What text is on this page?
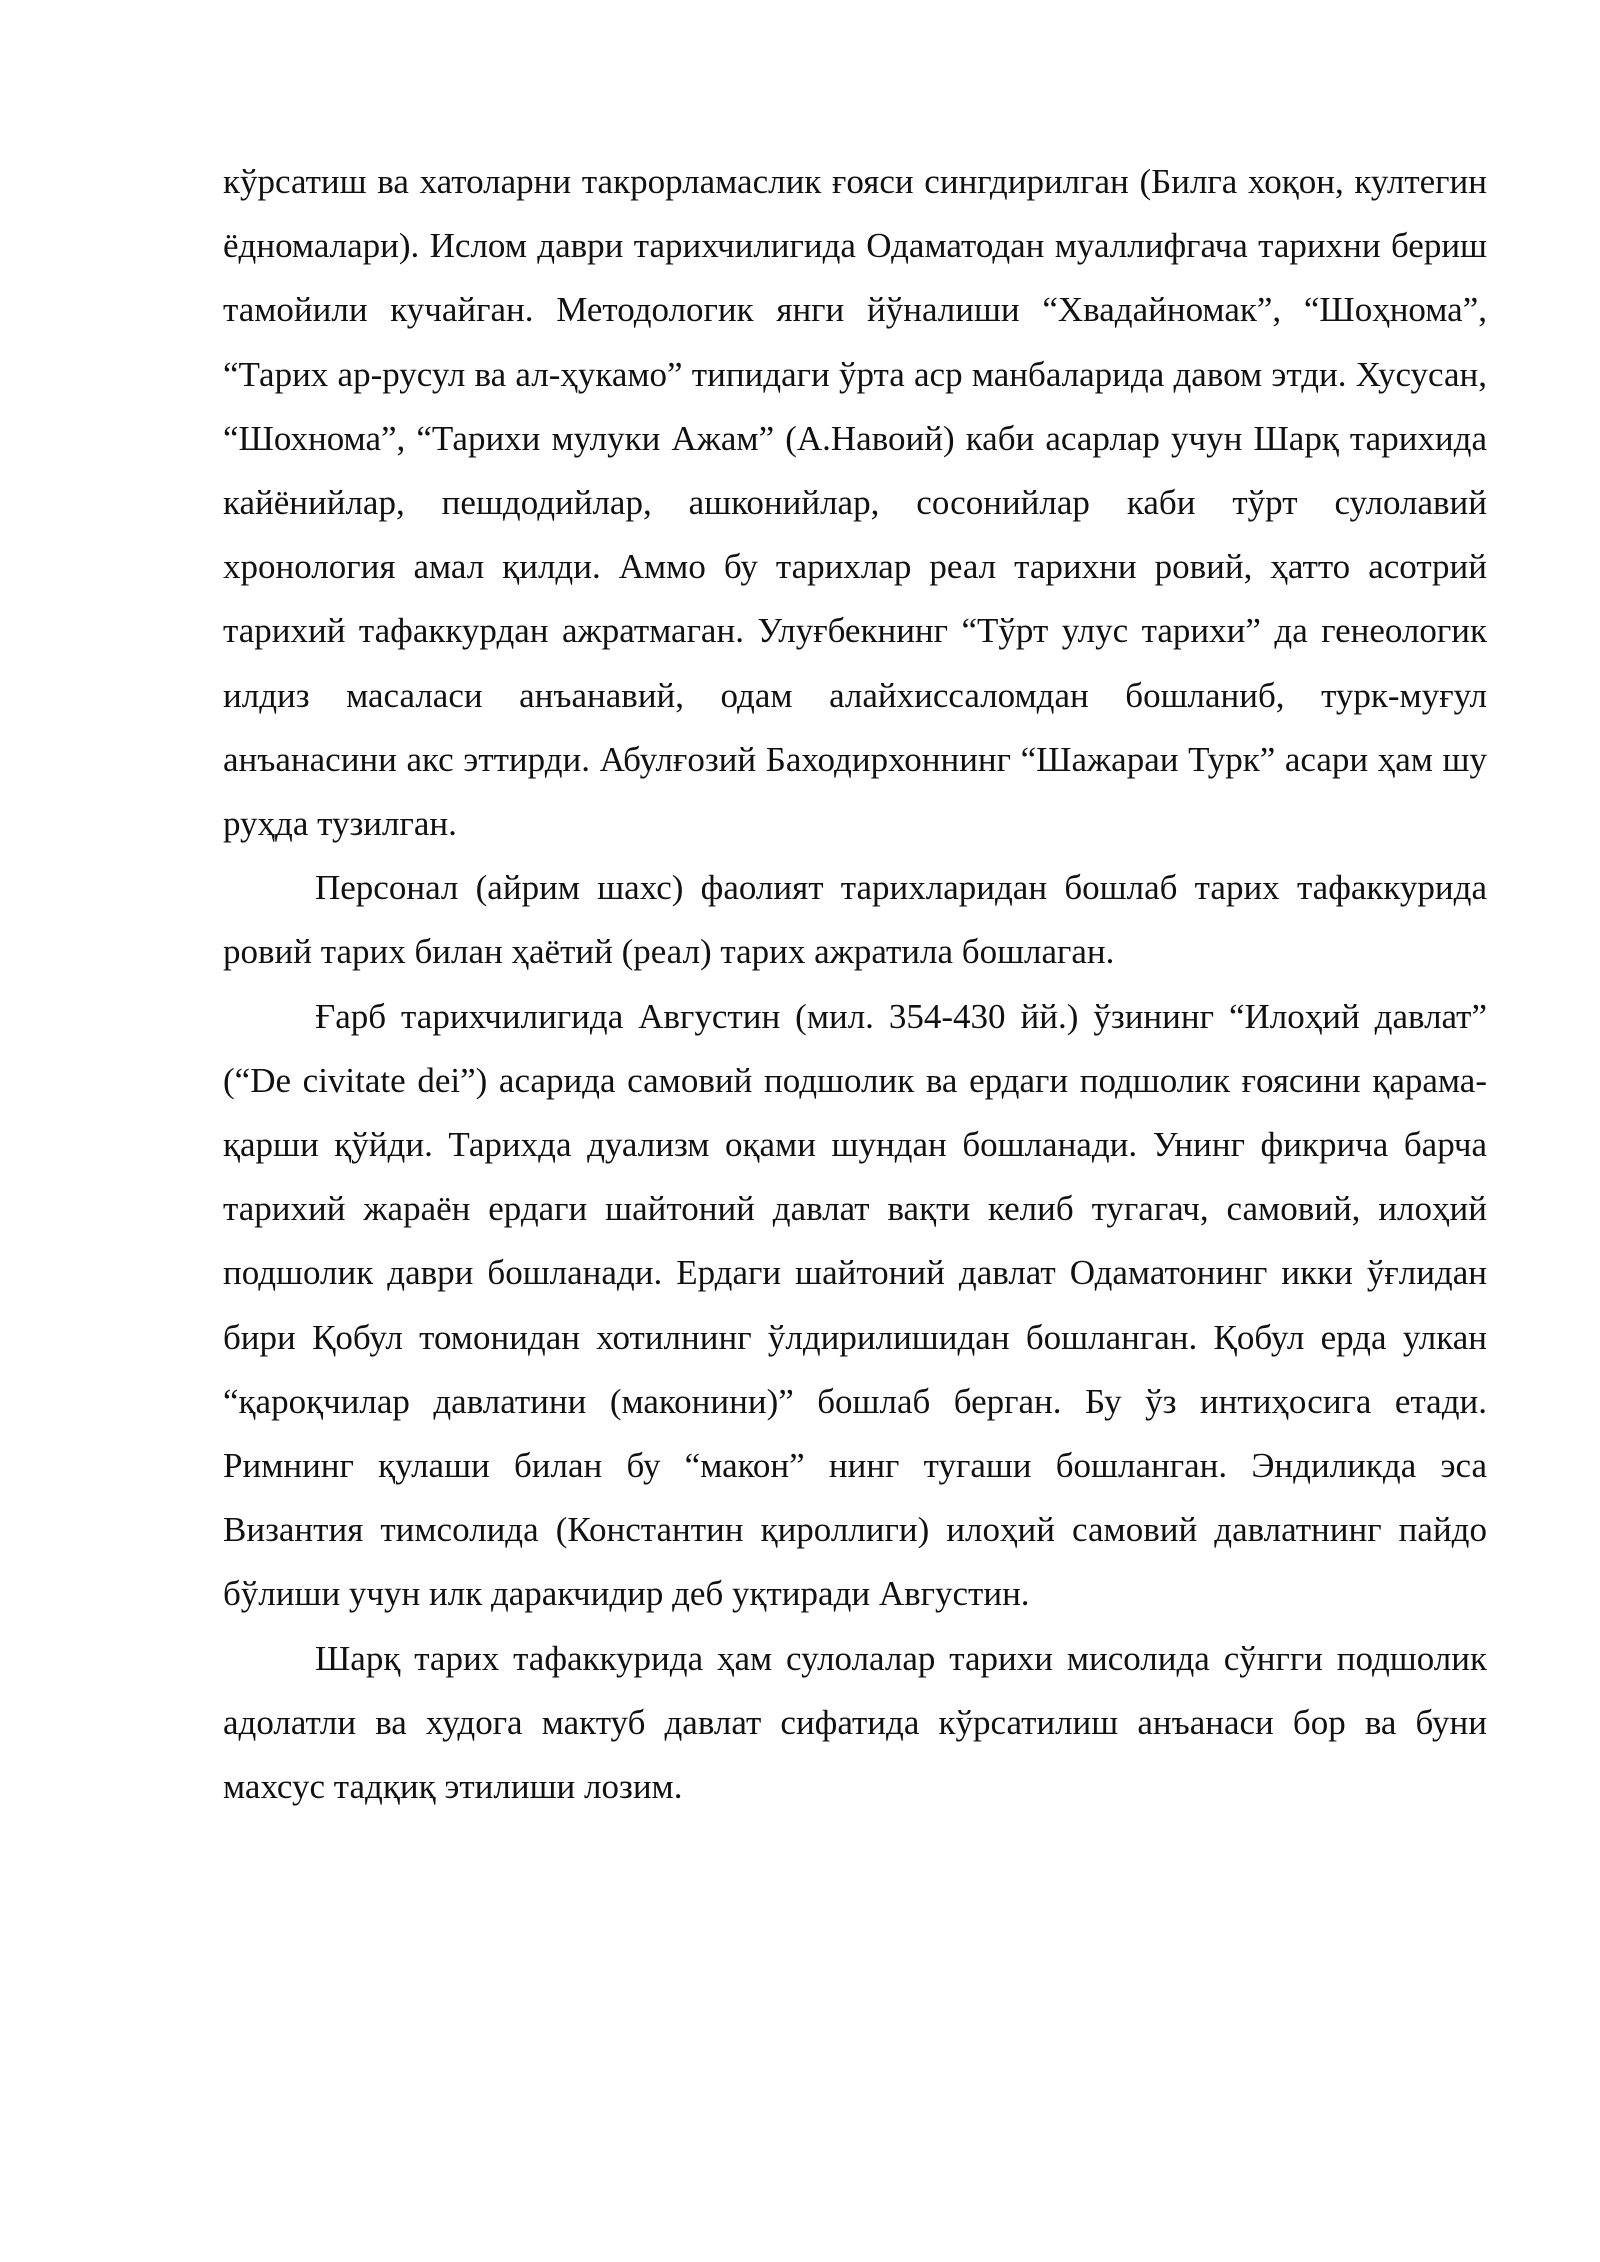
кўрсатиш ва хатоларни такрорламаслик ғояси сингдирилган (Билга хоқон, култегин ёдномалари). Ислом даври тарихчилигида Одаматодан муаллифгача тарихни бериш тамойили кучайган. Методологик янги йўналиши “Хвадайномак”, “Шоҳнома”, “Тарих ар-русул ва ал-ҳукамо” типидаги ўрта аср манбаларида давом этди. Хусусан, “Шохнома”, “Тарихи мулуки Ажам” (А.Навоий) каби асарлар учун Шарқ тарихида кайёнийлар, пешдодийлар, ашконийлар, сосонийлар каби тўрт сулолавий хронология амал қилди. Аммо бу тарихлар реал тарихни ровий, ҳатто асотрий тарихий тафаккурдан ажратмаган. Улуғбекнинг “Тўрт улус тарихи” да генеологик илдиз масаласи анъанавий, одам алайхиссаломдан бошланиб, турк-муғул анъанасини акс эттирди. Абулғозий Баходирхоннинг “Шажараи Турк” асари ҳам шу руҳда тузилган.

Персонал (айрим шахс) фаолият тарихларидан бошлаб тарих тафаккурида ровий тарих билан ҳаётий (реал) тарих ажратила бошлаган.

Ғарб тарихчилигида Августин (мил. 354-430 йй.) ўзининг “Илоҳий давлат” (“De civitate dei”) асарида самовий подшолик ва ердаги подшолик ғоясини қарама-қарши қўйди. Тарихда дуализм оқами шундан бошланади. Унинг фикрича барча тарихий жараён ердаги шайтоний давлат вақти келиб тугагач, самовий, илоҳий подшолик даври бошланади. Ердаги шайтоний давлат Одаматонинг икки ўғлидан бири Қобул томонидан хотилнинг ўлдирилишидан бошланган. Қобул ерда улкан “қароқчилар давлатини (маконини)” бошлаб берган. Бу ўз интиҳосига етади. Римнинг қулаши билан бу “макон” нинг тугаши бошланган. Эндиликда эса Византия тимсолида (Константин қироллиги) илоҳий самовий давлатнинг пайдо бўлиши учун илк даракчидир деб уқтиради Августин.

Шарқ тарих тафаккурида ҳам сулолалар тарихи мисолида сўнгги подшолик адолатли ва худога мактуб давлат сифатида кўрсатилиш анъанаси бор ва буни махсус тадқиқ этилиши лозим.
